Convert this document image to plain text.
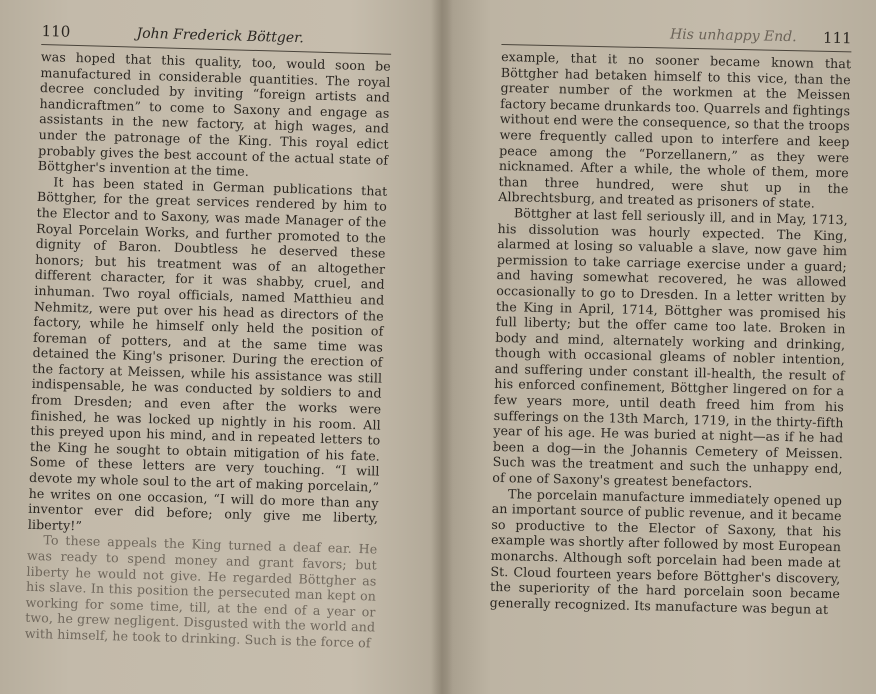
110	John Frederick Böttger.

was hoped that this quality, too, would soon be manufactured in considerable quantities. The royal decree concluded by inviting “foreign artists and handicraftmen” to come to Saxony and engage as assistants in the new factory, at high wages, and under the patronage of the King. This royal edict probably gives the best account of the actual state of Böttgher's invention at the time.

It has been stated in German publications that Böttgher, for the great services rendered by him to the Elector and to Saxony, was made Manager of the Royal Porcelain Works, and further promoted to the dignity of Baron. Doubtless he deserved these honors; but his treatment was of an altogether different character, for it was shabby, cruel, and inhuman. Two royal officials, named Matthieu and Nehmitz, were put over his head as directors of the factory, while he himself only held the position of foreman of potters, and at the same time was detained the King's prisoner. During the erection of the factory at Meissen, while his assistance was still indispensable, he was conducted by soldiers to and from Dresden; and even after the works were finished, he was locked up nightly in his room. All this preyed upon his mind, and in repeated letters to the King he sought to obtain mitigation of his fate. Some of these letters are very touching. “I will devote my whole soul to the art of making porcelain,” he writes on one occasion, “I will do more than any inventor ever did before; only give me liberty, liberty!”

To these appeals the King turned a deaf ear. He was ready to spend money and grant favors; but liberty he would not give. He regarded Böttgher as his slave. In this position the persecuted man kept on working for some time, till, at the end of a year or two, he grew negligent. Disgusted with the world and with himself, he took to drinking. Such is the force of

His unhappy End. 111

example, that it no sooner became known that Böttgher had betaken himself to this vice, than the greater number of the workmen at the Meissen factory became drunkards too. Quarrels and fightings without end were the consequence, so that the troops were frequently called upon to interfere and keep peace among the “Porzellanern,” as they were nicknamed. After a while, the whole of them, more than three hundred, were shut up in the Albrechtsburg, and treated as prisoners of state.

Böttgher at last fell seriously ill, and in May, 1713, his dissolution was hourly expected. The King, alarmed at losing so valuable a slave, now gave him permission to take carriage exercise under a guard; and having somewhat recovered, he was allowed occasionally to go to Dresden. In a letter written by the King in April, 1714, Böttgher was promised his full liberty; but the offer came too late. Broken in body and mind, alternately working and drinking, though with occasional gleams of nobler intention, and suffering under constant ill-health, the result of his enforced confinement, Böttgher lingered on for a few years more, until death freed him from his sufferings on the 13th March, 1719, in the thirty-fifth year of his age. He was buried at night—as if he had been a dog—in the Johannis Cemetery of Meissen. Such was the treatment and such the unhappy end, of one of Saxony's greatest benefactors.

The porcelain manufacture immediately opened up an important source of public revenue, and it became so productive to the Elector of Saxony, that his example was shortly after followed by most European monarchs. Although soft porcelain had been made at St. Cloud fourteen years before Böttgher's discovery, the superiority of the hard porcelain soon became generally recognized. Its manufacture was begun at
